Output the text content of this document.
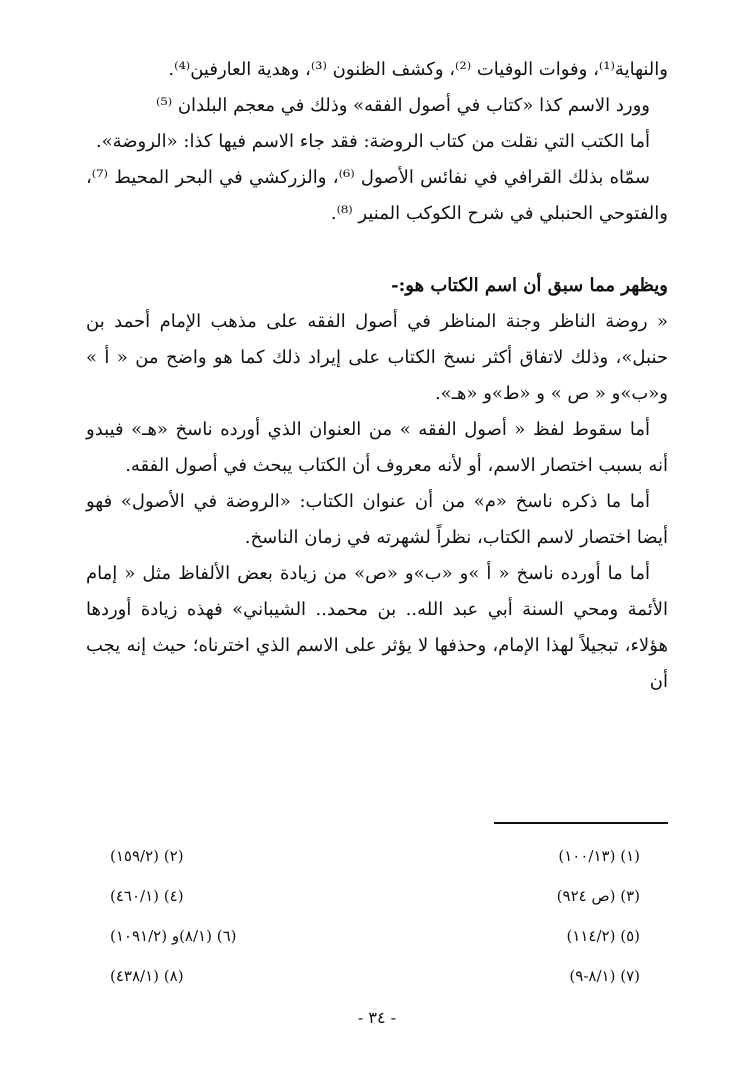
والنهاية⁽¹⁾، وفوات الوفيات ⁽²⁾، وكشف الظنون ⁽³⁾، وهدية العارفين⁽⁴⁾.

وورد الاسم كذا «كتاب في أصول الفقه» وذلك في معجم البلدان ⁽⁵⁾

أما الكتب التي نقلت من كتاب الروضة: فقد جاء الاسم فيها كذا: «الروضة».

سمّاه بذلك القرافي في نفائس الأصول ⁽⁶⁾، والزركشي في البحر المحيط ⁽⁷⁾، والفتوحي الحنبلي في شرح الكوكب المنير ⁽⁸⁾.

ويظهر مما سبق أن اسم الكتاب هو:-

« روضة الناظر وجنة المناظر في أصول الفقه على مذهب الإمام أحمد بن حنبل»، وذلك لاتفاق أكثر نسخ الكتاب على إيراد ذلك كما هو واضح من « أ » و«ب»و « ص » و «ط»و «هـ».

أما سقوط لفظ « أصول الفقه » من العنوان الذي أورده ناسخ «هـ» فيبدو أنه بسبب اختصار الاسم، أو لأنه معروف أن الكتاب يبحث في أصول الفقه.

أما ما ذكره ناسخ «م» من أن عنوان الكتاب: «الروضة في الأصول» فهو أيضا اختصار لاسم الكتاب، نظراً لشهرته في زمان الناسخ.

أما ما أورده ناسخ « أ »و «ب»و «ص» من زيادة بعض الألفاظ مثل « إمام الأئمة ومحي السنة أبي عبد الله.. بن محمد.. الشيباني» فهذه زيادة أوردها هؤلاء، تبجيلاً لهذا الإمام، وحذفها لا يؤثر على الاسم الذي اخترناه؛ حيث إنه يجب أن

(١) (١٠٠/١٣)
(٢) (١٥٩/٢)
(٣) (ص ٩٢٤)
(٤) (٤٦٠/١)
(٥) (١١٤/٢)
(٦) (٨/١)و (١٠٩١/٢)
(٧) (٨/١-٩)
(٨) (٤٣٨/١)
- ٣٤ -
